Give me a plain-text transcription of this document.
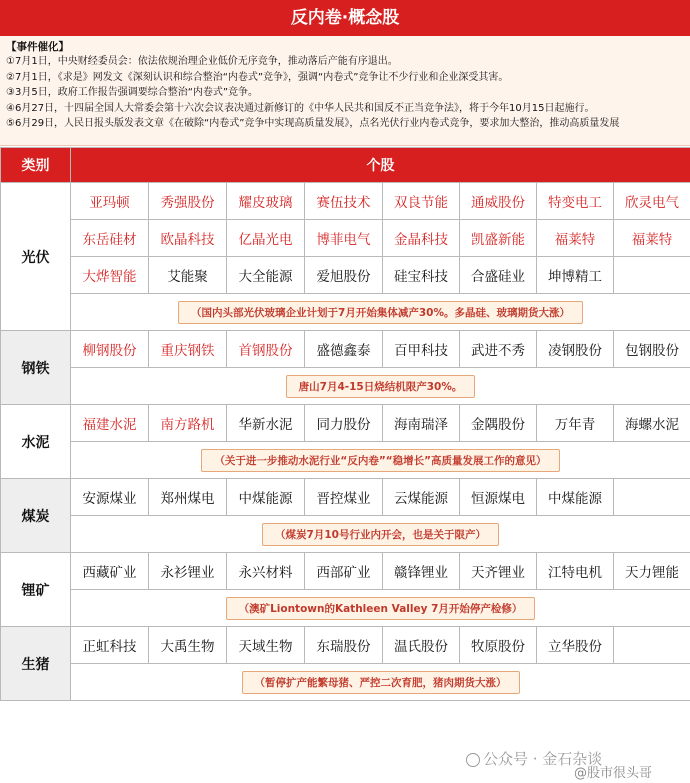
反内卷·概念股
【事件催化】
①7月1日，中央财经委员会：依法依规治理企业低价无序竞争，推动落后产能有序退出。
②7月1日，《求是》网发文《深刻认识和综合整治“内卷式”竞争》，强调“内卷式”竞争让不少行业和企业深受其害。
③3月5日，政府工作报告强调要综合整治“内卷式”竞争。
④6月27日，十四届全国人大常委会第十六次会议表决通过新修订的《中华人民共和国反不正当竞争法》，将于今年10月15日起施行。
⑤6月29日，人民日报头版发表文章《在破除“内卷式”竞争中实现高质量发展》，点名光伏行业内卷式竞争，要求加大整治，推动高质量发展
类别	个股							
光伏	亚玛顿	秀强股份	耀皮玻璃	赛伍技术	双良节能	通威股份	特变电工	欣灵电气
	东岳硅材	欧晶科技	亿晶光电	博菲电气	金晶科技	凯盛新能	福莱特	福莱特
	大烨智能	艾能聚	大全能源	爱旭股份	硅宝科技	合盛硅业	坤博精工	
	（国内头部光伏玻璃企业计划于7月开始集体减产30%。多晶硅、玻璃期货大涨）							
钢铁	柳钢股份	重庆钢铁	首钢股份	盛德鑫泰	百甲科技	武进不秀	凌钢股份	包钢股份
	唐山7月4-15日烧结机限产30%。							
水泥	福建水泥	南方路机	华新水泥	同力股份	海南瑞泽	金隅股份	万年青	海螺水泥
	（关于进一步推动水泥行业“反内卷”“稳增长”高质量发展工作的意见）							
煤炭	安源煤业	郑州煤电	中煤能源	晋控煤业	云煤能源	恒源煤电	中煤能源	
	（煤炭7月10号行业内开会，也是关于限产）							
锂矿	西藏矿业	永衫锂业	永兴材料	西部矿业	赣锋锂业	天齐锂业	江特电机	天力锂能
	（澳矿Liontown的Kathleen Valley 7月开始停产检修）							
生猪	正虹科技	大禹生物	天域生物	东瑞股份	温氏股份	牧原股份	立华股份	
	（暂停扩产能繁母猪、严控二次育肥，猪肉期货大涨）							
公众号 · 金石杂谈
@股市很头哥
